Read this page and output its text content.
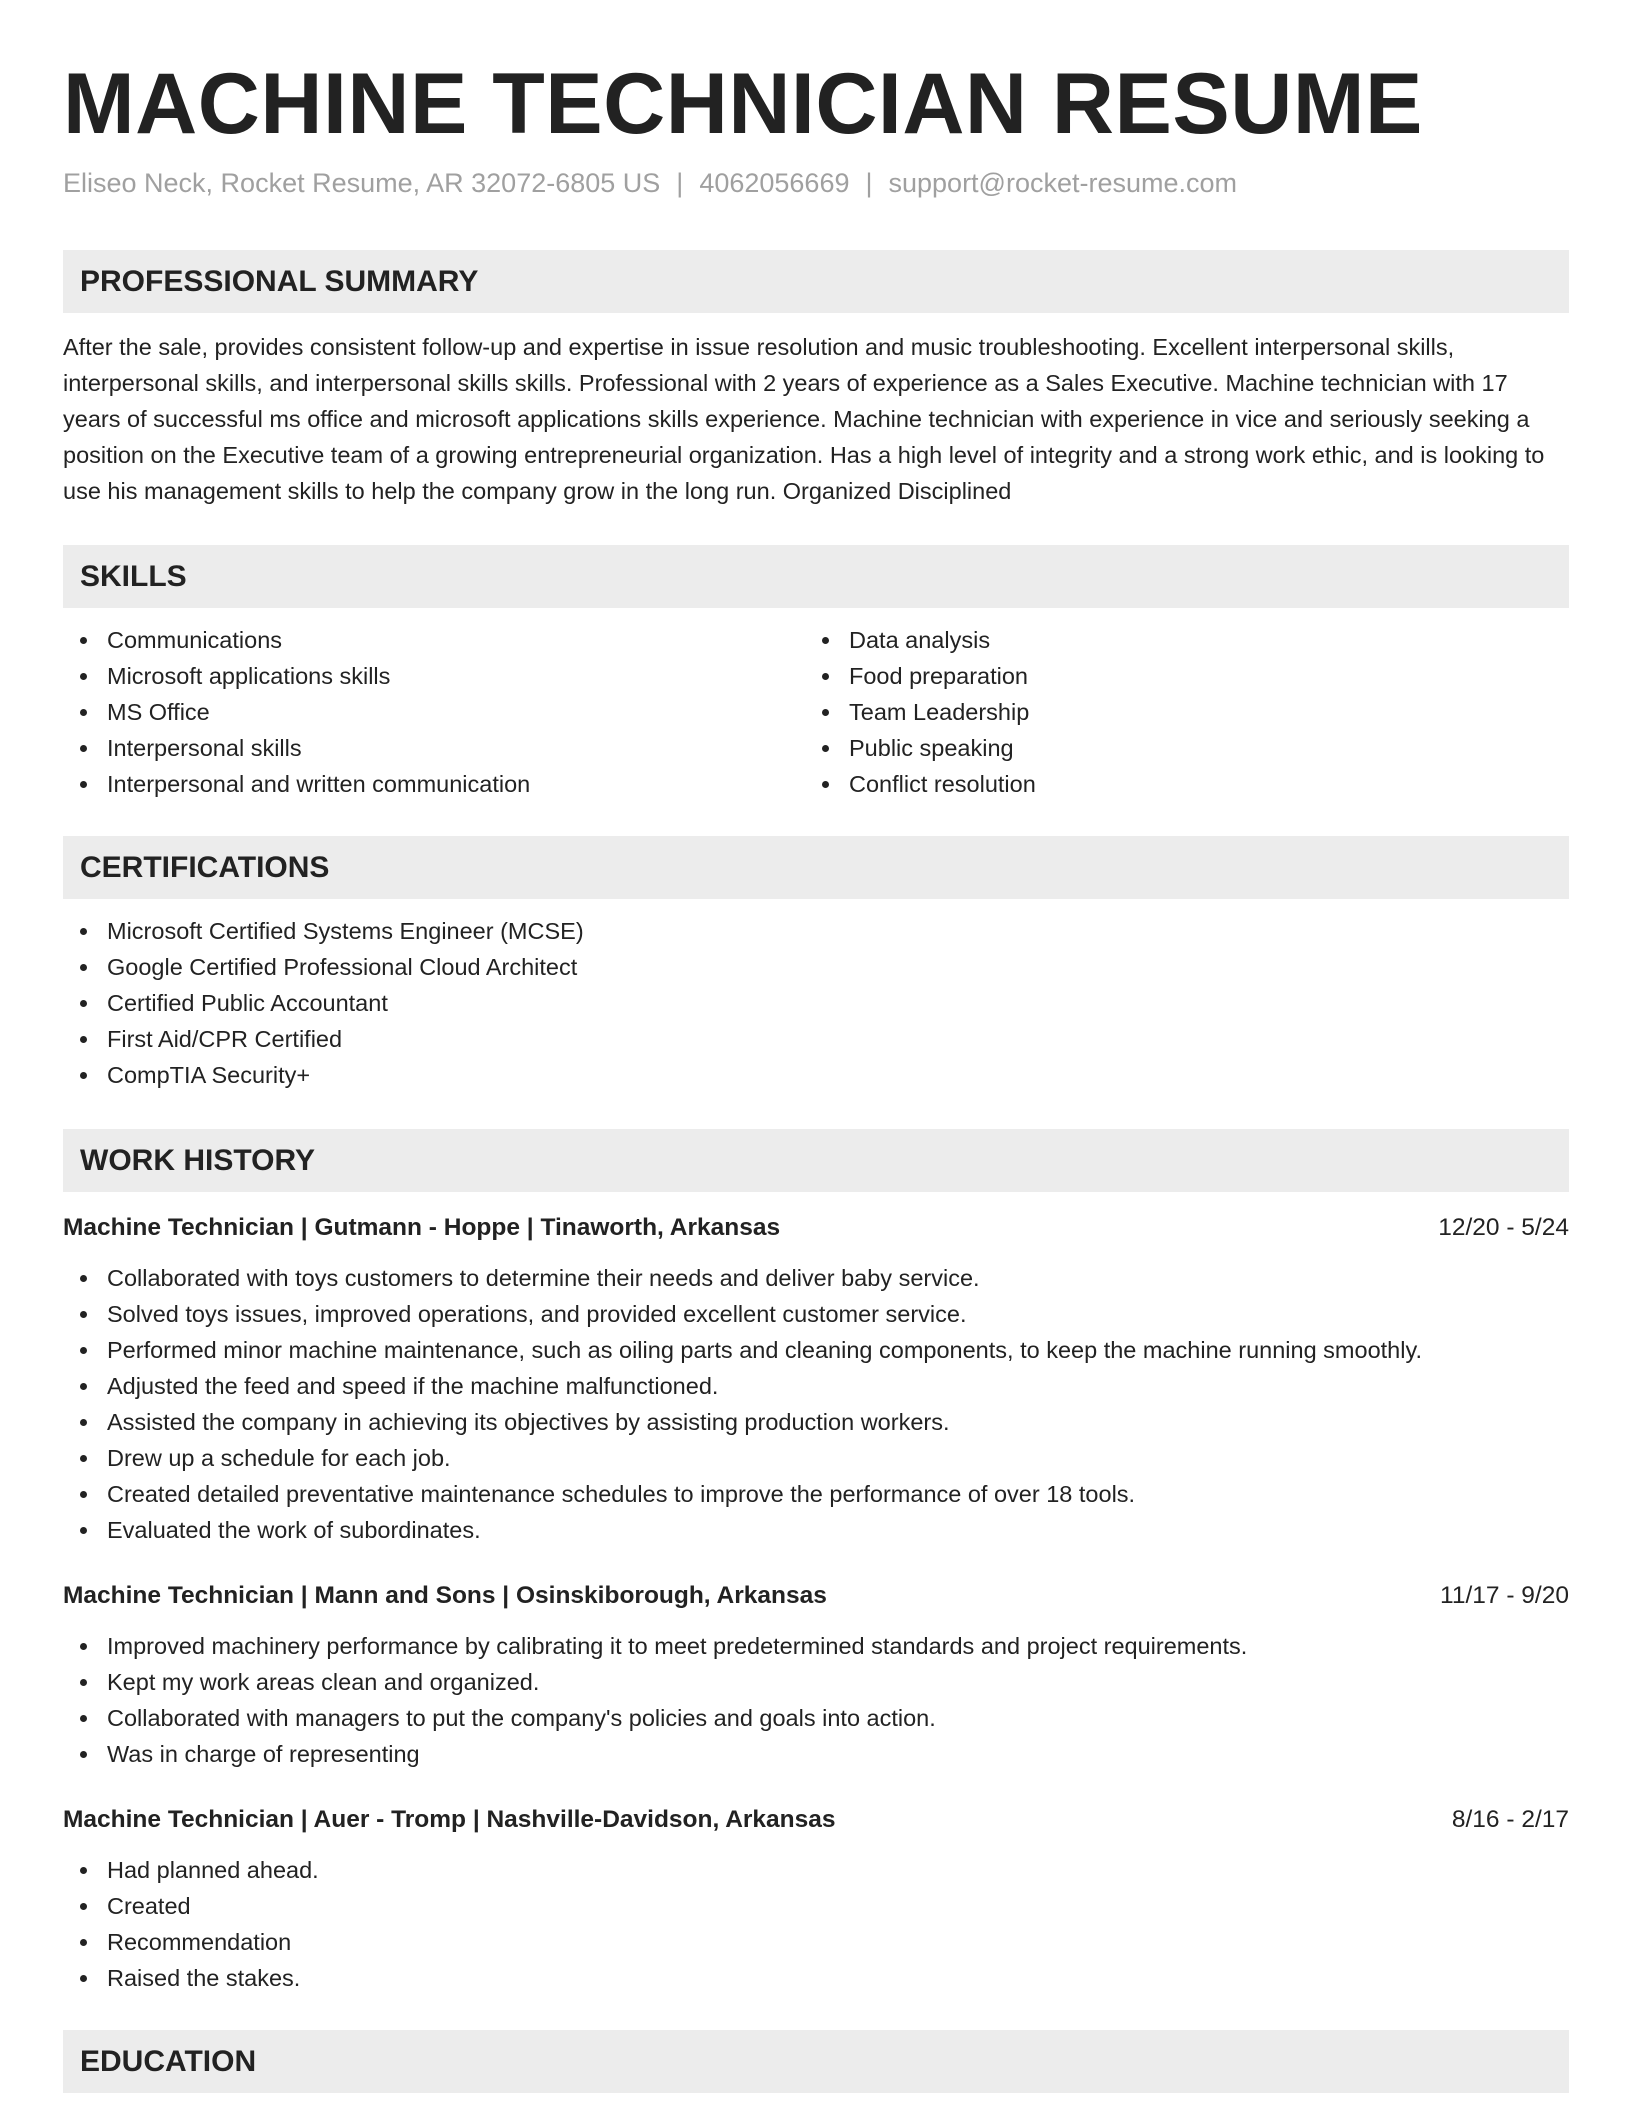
MACHINE TECHNICIAN RESUME
Eliseo Neck, Rocket Resume, AR 32072-6805 US | 4062056669 | support@rocket-resume.com
PROFESSIONAL SUMMARY
After the sale, provides consistent follow-up and expertise in issue resolution and music troubleshooting. Excellent interpersonal skills, interpersonal skills, and interpersonal skills skills. Professional with 2 years of experience as a Sales Executive. Machine technician with 17 years of successful ms office and microsoft applications skills experience. Machine technician with experience in vice and seriously seeking a position on the Executive team of a growing entrepreneurial organization. Has a high level of integrity and a strong work ethic, and is looking to use his management skills to help the company grow in the long run. Organized Disciplined
SKILLS
Communications
Microsoft applications skills
MS Office
Interpersonal skills
Interpersonal and written communication
Data analysis
Food preparation
Team Leadership
Public speaking
Conflict resolution
CERTIFICATIONS
Microsoft Certified Systems Engineer (MCSE)
Google Certified Professional Cloud Architect
Certified Public Accountant
First Aid/CPR Certified
CompTIA Security+
WORK HISTORY
Machine Technician | Gutmann - Hoppe | Tinaworth, Arkansas	12/20 - 5/24
Collaborated with toys customers to determine their needs and deliver baby service.
Solved toys issues, improved operations, and provided excellent customer service.
Performed minor machine maintenance, such as oiling parts and cleaning components, to keep the machine running smoothly.
Adjusted the feed and speed if the machine malfunctioned.
Assisted the company in achieving its objectives by assisting production workers.
Drew up a schedule for each job.
Created detailed preventative maintenance schedules to improve the performance of over 18 tools.
Evaluated the work of subordinates.
Machine Technician | Mann and Sons | Osinskiborough, Arkansas	11/17 - 9/20
Improved machinery performance by calibrating it to meet predetermined standards and project requirements.
Kept my work areas clean and organized.
Collaborated with managers to put the company's policies and goals into action.
Was in charge of representing
Machine Technician | Auer - Tromp | Nashville-Davidson, Arkansas	8/16 - 2/17
Had planned ahead.
Created
Recommendation
Raised the stakes.
EDUCATION
